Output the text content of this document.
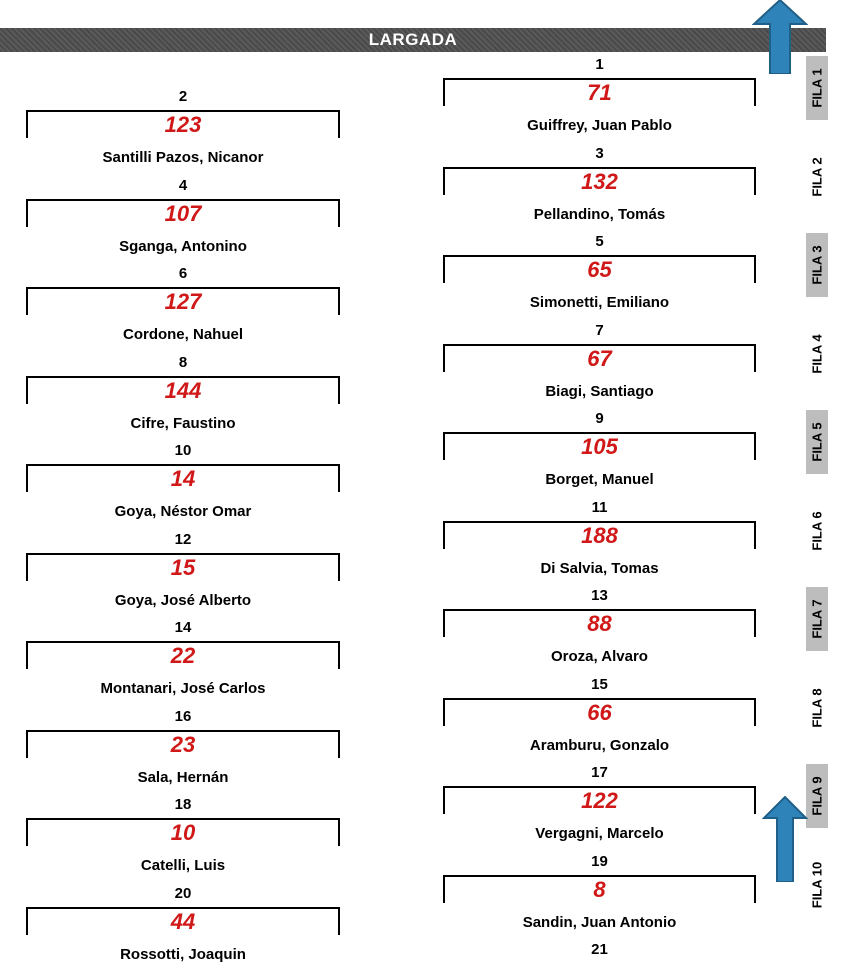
LARGADA
1
71
Guiffrey, Juan Pablo
2
123
Santilli Pazos, Nicanor	3
132
Pellandino, Tomás
4
107
Sganga, Antonino	5
65
Simonetti, Emiliano
6
127
Cordone, Nahuel	7
67
Biagi, Santiago
8
144
Cifre, Faustino	9
105
Borget, Manuel
10
14
Goya, Néstor Omar	11
188
Di Salvia, Tomas
12
15
Goya, José Alberto	13
88
Oroza, Alvaro
14
22
Montanari, José Carlos	15
66
Aramburu, Gonzalo
16
23
Sala, Hernán	17
122
Vergagni, Marcelo
18
10
Catelli, Luis	19
8
Sandin, Juan Antonio
20
44
Rossotti, Joaquin	21
FILA 1
FILA 2
FILA 3
FILA 4
FILA 5
FILA 6
FILA 7
FILA 8
FILA 9
FILA 10
